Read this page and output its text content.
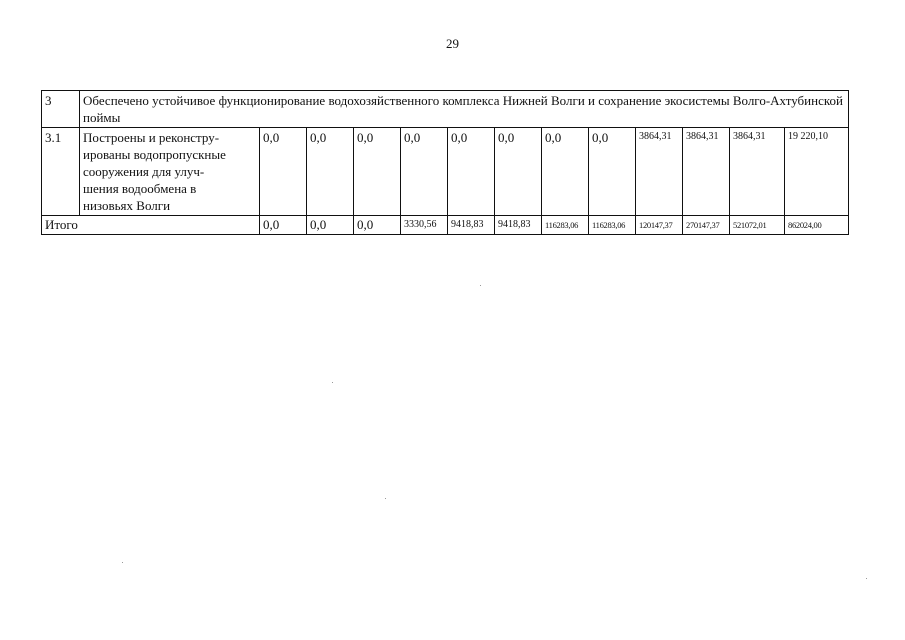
29
3	Обеспечено устойчивое функционирование водохозяйственного комплекса Нижней Волги и сохранение экосистемы Волго-Ахтубинской поймы												
3.1	Построены и реконстру-
ированы водопропускные
сооружения для улуч-
шения водообмена в
низовьях Волги	0,0	0,0	0,0	0,0	0,0	0,0	0,0	0,0	3864,31	3864,31	3864,31	19 220,10
Итого		0,0	0,0	0,0	3330,56	9418,83	9418,83	116283,06	116283,06	120147,37	270147,37	521072,01	862024,00
